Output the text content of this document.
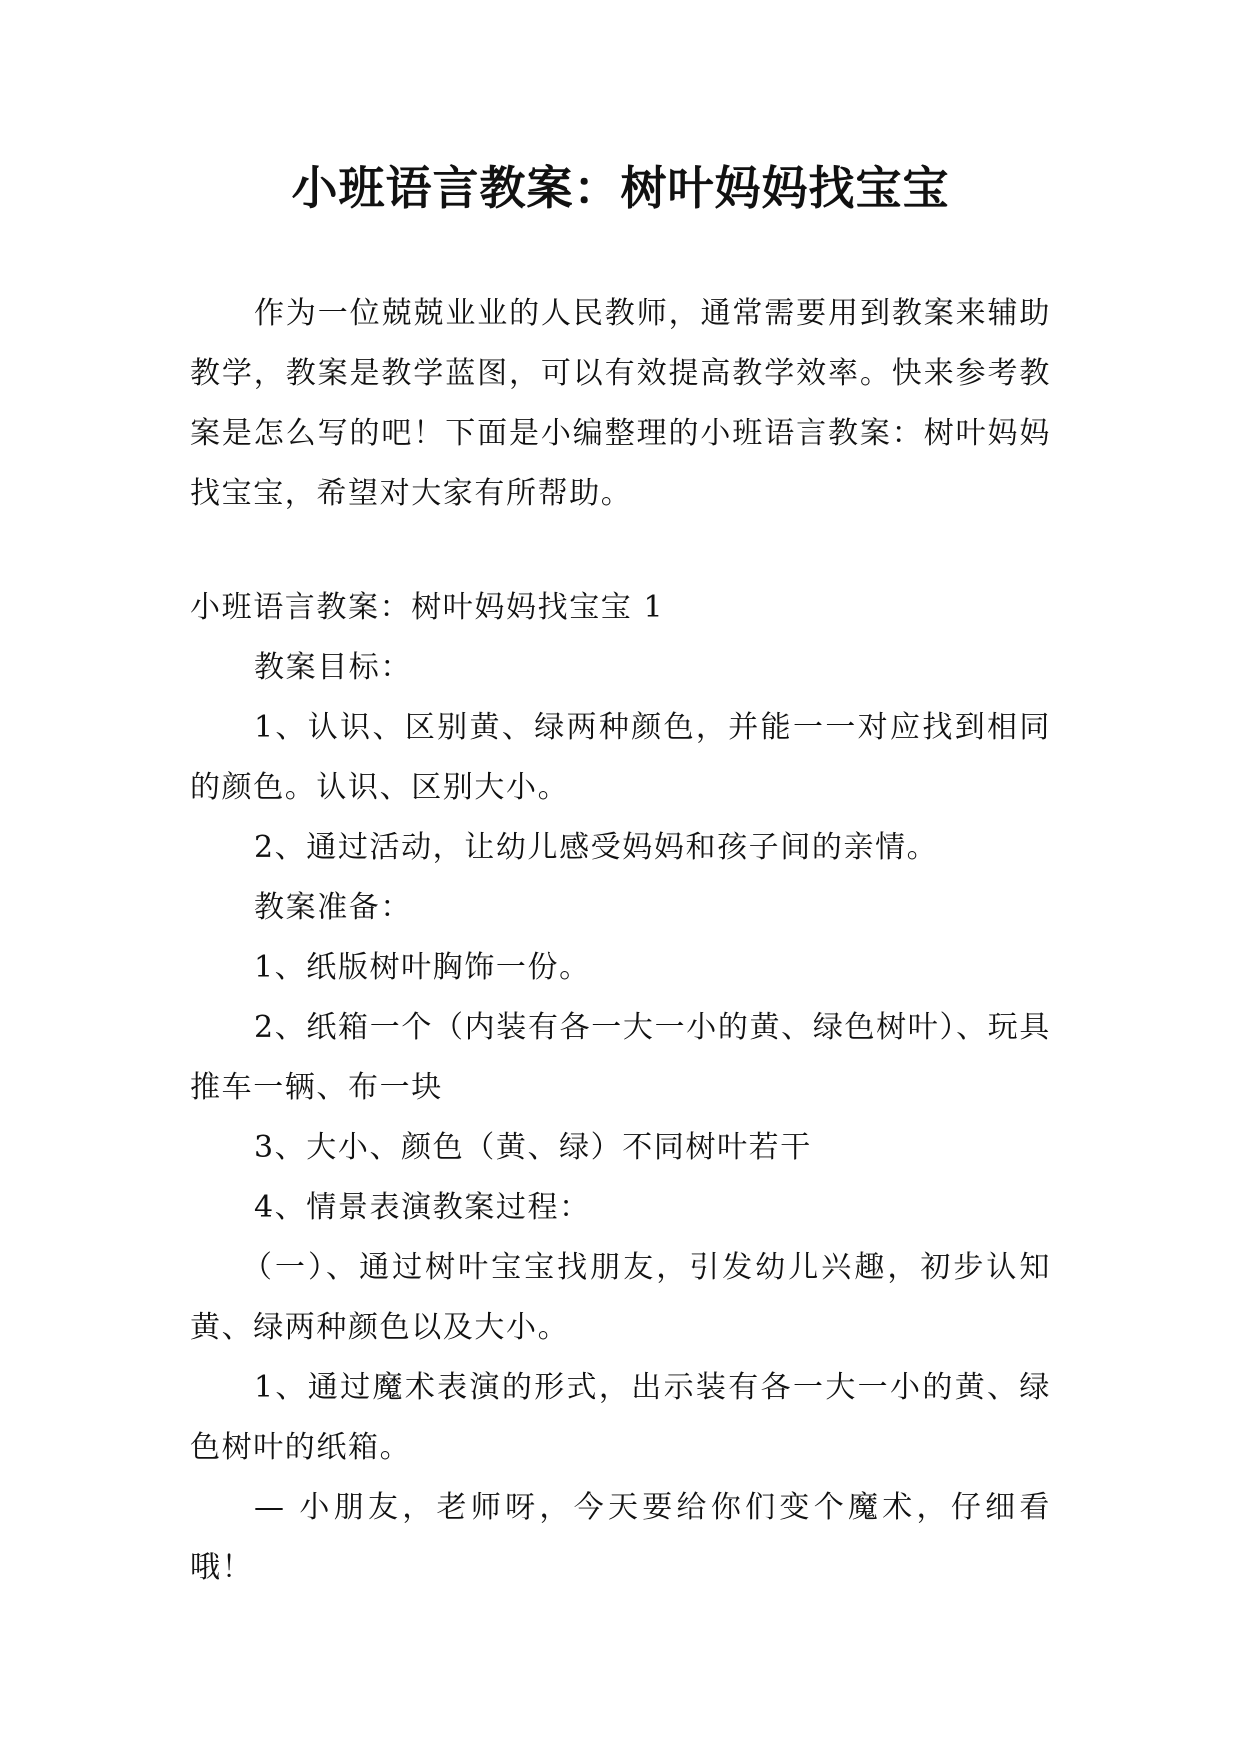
小班语言教案：树叶妈妈找宝宝

作为一位兢兢业业的人民教师，通常需要用到教案来辅助教学，教案是教学蓝图，可以有效提高教学效率。快来参考教案是怎么写的吧！下面是小编整理的小班语言教案：树叶妈妈找宝宝，希望对大家有所帮助。

小班语言教案：树叶妈妈找宝宝 1

教案目标：

1、认识、区别黄、绿两种颜色，并能一一对应找到相同的颜色。认识、区别大小。

2、通过活动，让幼儿感受妈妈和孩子间的亲情。

教案准备：

1、纸版树叶胸饰一份。

2、纸箱一个（内装有各一大一小的黄、绿色树叶）、玩具推车一辆、布一块

3、大小、颜色（黄、绿）不同树叶若干

4、情景表演教案过程：

（一）、通过树叶宝宝找朋友，引发幼儿兴趣，初步认知黄、绿两种颜色以及大小。

1、通过魔术表演的形式，出示装有各一大一小的黄、绿色树叶的纸箱。

— 小朋友，老师呀，今天要给你们变个魔术，仔细看哦！
